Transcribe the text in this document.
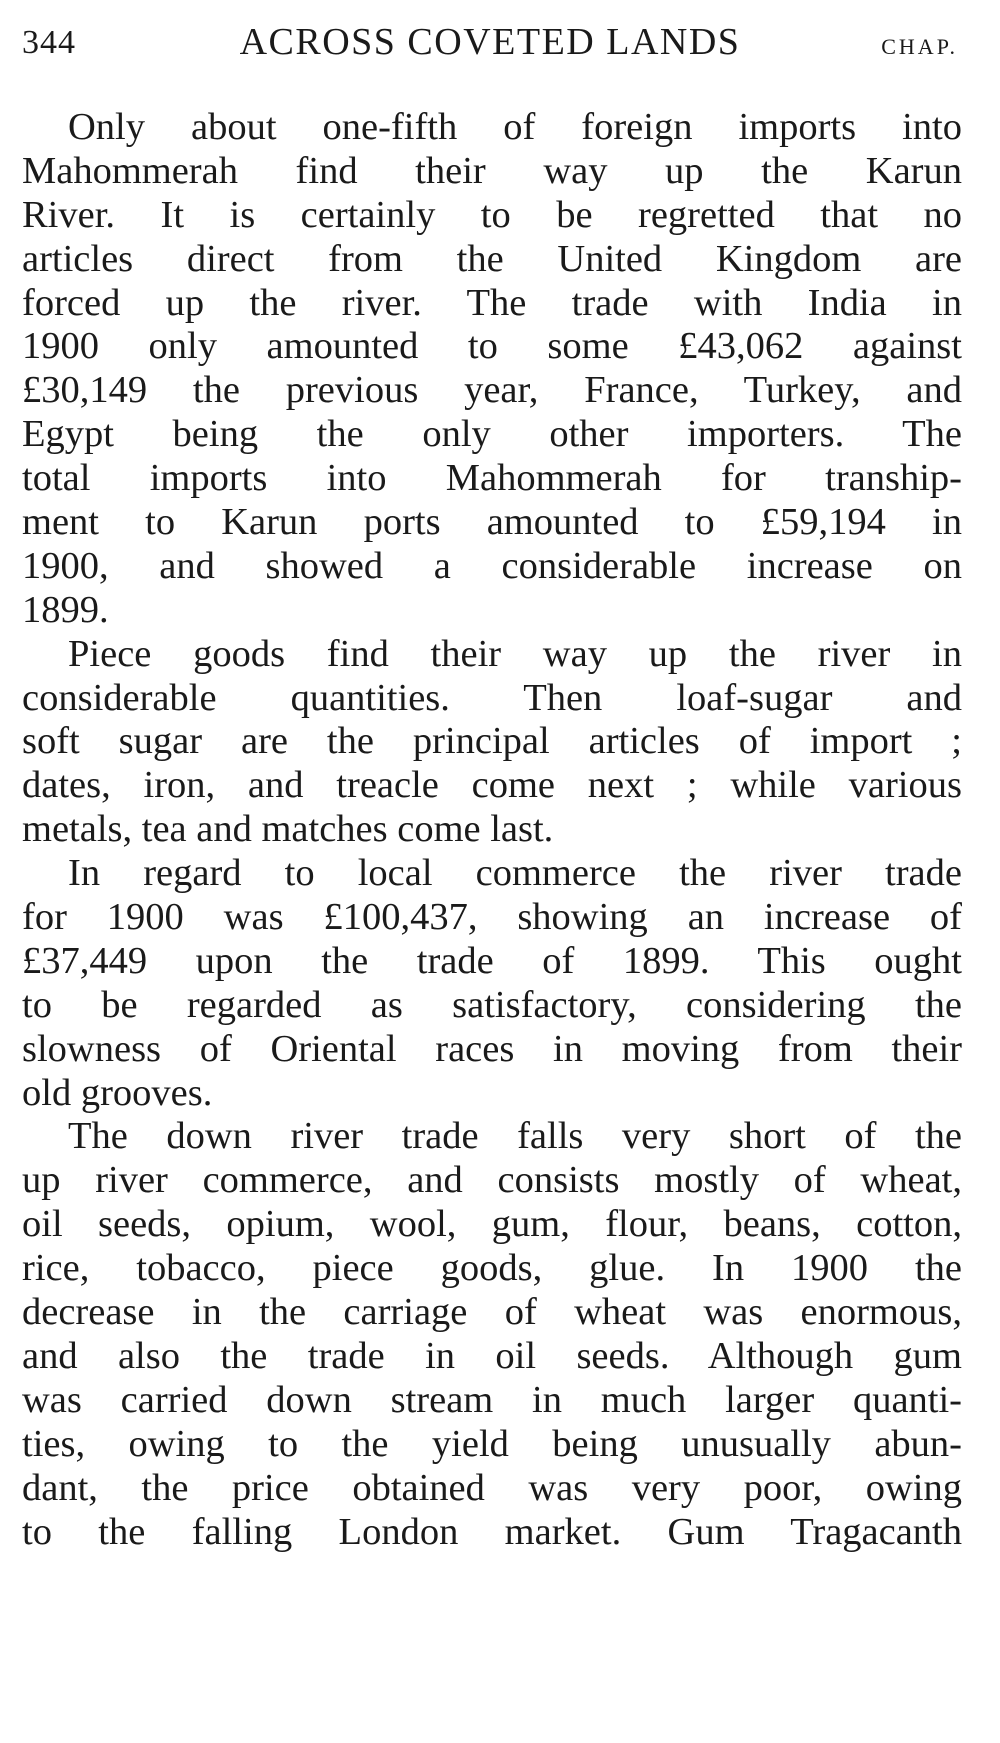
344	ACROSS COVETED LANDS	CHAP.
Only about one-fifth of foreign imports into
Mahommerah find their way up the Karun
River. It is certainly to be regretted that no
articles direct from the United Kingdom are
forced up the river. The trade with India in
1900 only amounted to some £43,062 against
£30,149 the previous year, France, Turkey, and
Egypt being the only other importers. The
total imports into Mahommerah for tranship-
ment to Karun ports amounted to £59,194 in
1900, and showed a considerable increase on
1899.
Piece goods find their way up the river in
considerable quantities. Then loaf-sugar and
soft sugar are the principal articles of import ;
dates, iron, and treacle come next ; while various
metals, tea and matches come last.
In regard to local commerce the river trade
for 1900 was £100,437, showing an increase of
£37,449 upon the trade of 1899. This ought
to be regarded as satisfactory, considering the
slowness of Oriental races in moving from their
old grooves.
The down river trade falls very short of the
up river commerce, and consists mostly of wheat,
oil seeds, opium, wool, gum, flour, beans, cotton,
rice, tobacco, piece goods, glue. In 1900 the
decrease in the carriage of wheat was enormous,
and also the trade in oil seeds. Although gum
was carried down stream in much larger quanti-
ties, owing to the yield being unusually abun-
dant, the price obtained was very poor, owing
to the falling London market. Gum Tragacanth
